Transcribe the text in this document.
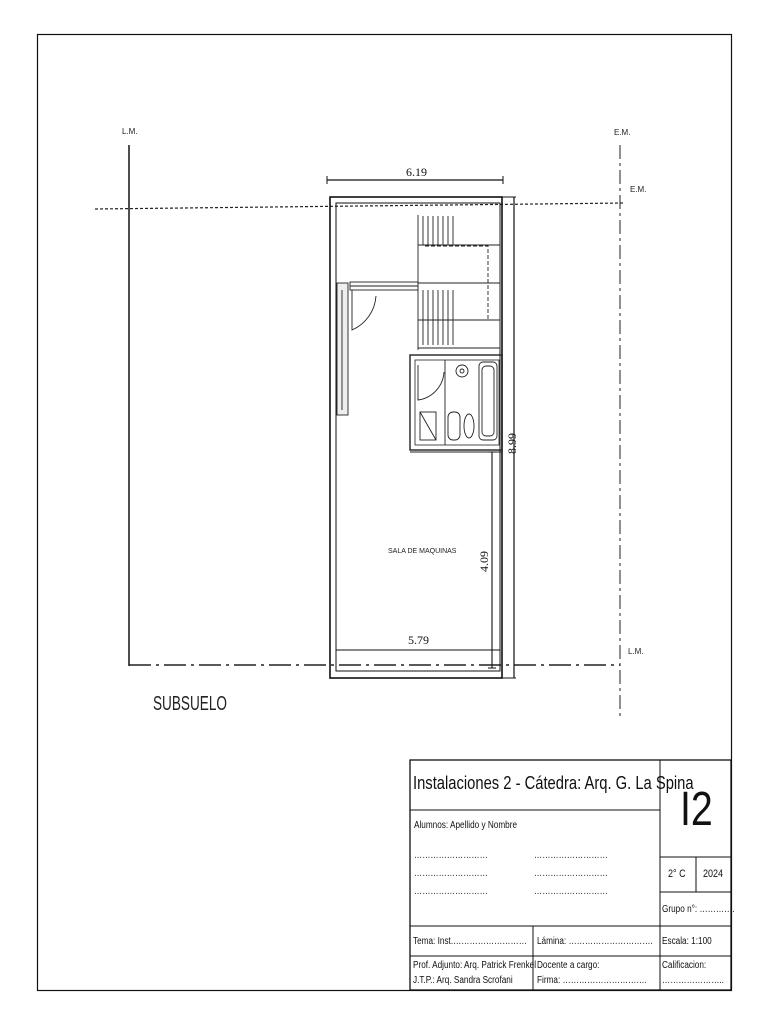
L.M.	E.M.
E.M.
L.M.
6.19
4.09
5.79
8.99
SALA DE MAQUINAS
SUBSUELO
Instalaciones 2 - Cátedra: Arq. G. La Spina
I2
Alumnos: Apellido y Nombre
………………………	………………………
………………………	………………………
………………………	………………………
2° C 2024
Grupo n°: ………….
Tema: Inst.……………………… Lámina: …………………………. Escala: 1:100
Prof. Adjunto: Arq. Patrick Frenkel
J.T.P.: Arq. Sandra Scrofani
Docente a cargo:
Firma: ………………………….
Calificacion:
…………………..
